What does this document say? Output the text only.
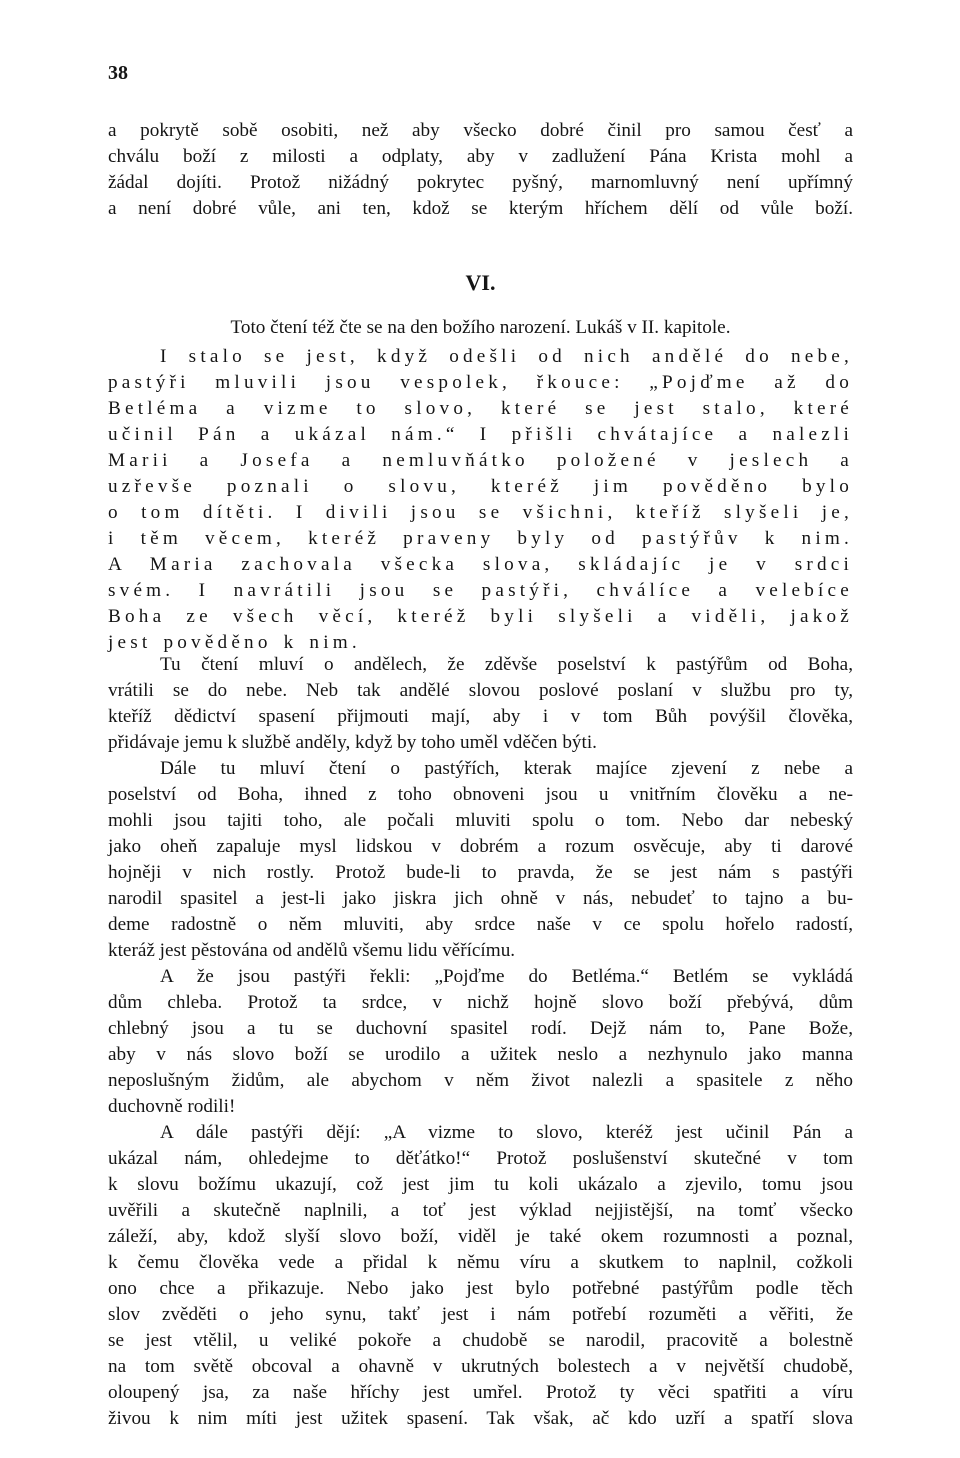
38
a pokrytě sobě osobiti, než aby všecko dobré činil pro samou česť a
chválu boží z milosti a odplaty, aby v zadlužení Pána Krista mohl a
žádal dojíti. Protož nižádný pokrytec pyšný, marnomluvný není upřímný
a není dobré vůle, ani ten, kdož se kterým hříchem dělí od vůle boží.
VI.
Toto čtení též čte se na den božího narození. Lukáš v II. kapitole.
I stalo se jest, když odešli od nich andělé do nebe,
pastýři mluvili jsou vespolek, řkouce: „Pojďme až do
Betléma a vizme to slovo, které se jest stalo, které
učinil Pán a ukázal nám.“ I přišli chvátajíce a nalezli
Marii a Josefa a nemluvňátko položené v jeslech a
uzřevše poznali o slovu, kteréž jim pověděno bylo
o tom dítěti. I divili jsou se všichni, kteříž slyšeli je,
i těm věcem, kteréž praveny byly od pastýřův k nim.
A Maria zachovala všecka slova, skládajíc je v srdci
svém. I navrátili jsou se pastýři, chválíce a velebíce
Boha ze všech věcí, kteréž byli slyšeli a viděli, jakož
jest pověděno k nim.
Tu čtení mluví o andělech, že zděvše poselství k pastýřům od Boha,
vrátili se do nebe. Neb tak andělé slovou poslové poslaní v službu pro ty,
kteříž dědictví spasení přijmouti mají, aby i v tom Bůh povýšil člověka,
přidávaje jemu k službě anděly, když by toho uměl vděčen býti.
Dále tu mluví čtení o pastýřích, kterak majíce zjevení z nebe a
poselství od Boha, ihned z toho obnoveni jsou u vnitřním člověku a ne-
mohli jsou tajiti toho, ale počali mluviti spolu o tom. Nebo dar nebeský
jako oheň zapaluje mysl lidskou v dobrém a rozum osvěcuje, aby ti darové
hojněji v nich rostly. Protož bude-li to pravda, že se jest nám s pastýři
narodil spasitel a jest-li jako jiskra jich ohně v nás, nebudeť to tajno a bu-
deme radostně o něm mluviti, aby srdce naše v ce spolu hořelo radostí,
kteráž jest pěstována od andělů všemu lidu věřícímu.
A že jsou pastýři řekli: „Pojďme do Betléma.“ Betlém se vykládá
dům chleba. Protož ta srdce, v nichž hojně slovo boží přebývá, dům
chlebný jsou a tu se duchovní spasitel rodí. Dejž nám to, Pane Bože,
aby v nás slovo boží se urodilo a užitek neslo a nezhynulo jako manna
neposlušným židům, ale abychom v něm život nalezli a spasitele z něho
duchovně rodili!
A dále pastýři dějí: „A vizme to slovo, kteréž jest učinil Pán a
ukázal nám, ohledejme to děťátko!“ Protož poslušenství skutečné v tom
k slovu božímu ukazují, což jest jim tu koli ukázalo a zjevilo, tomu jsou
uvěřili a skutečně naplnili, a toť jest výklad nejjistější, na tomť všecko
záleží, aby, kdož slyší slovo boží, viděl je také okem rozumnosti a poznal,
k čemu člověka vede a přidal k němu víru a skutkem to naplnil, cožkoli
ono chce a přikazuje. Nebo jako jest bylo potřebné pastýřům podle těch
slov zvěděti o jeho synu, takť jest i nám potřebí rozuměti a věřiti, že
se jest vtělil, u veliké pokoře a chudobě se narodil, pracovitě a bolestně
na tom světě obcoval a ohavně v ukrutných bolestech a v největší chudobě,
oloupený jsa, za naše hříchy jest umřel. Protož ty věci spatřiti a víru
živou k nim míti jest užitek spasení. Tak však, ač kdo uzří a spatří slova
